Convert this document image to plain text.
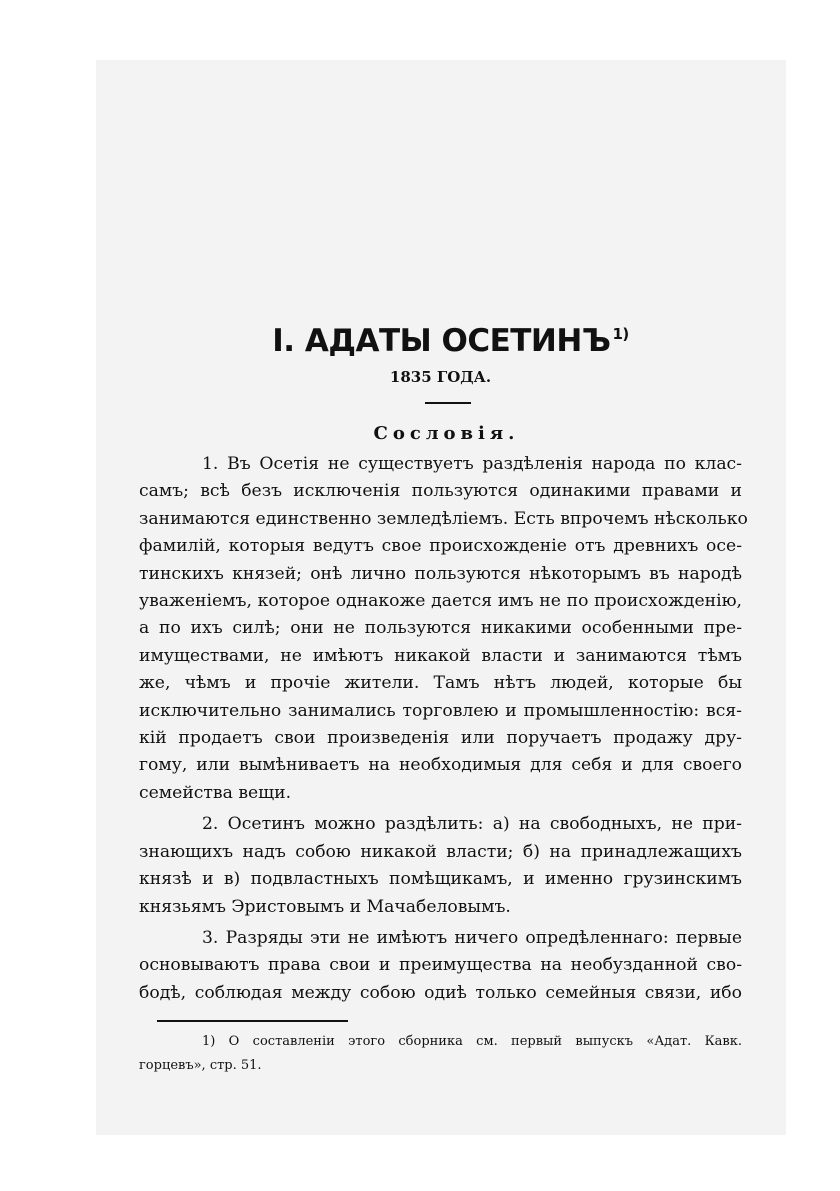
I. АДАТЫ ОСЕТИНЪ $^{1)}$
1835 ГОДА.
Сословія.

1. Въ Осетія не существуетъ раздѣленія народа по клас-
самъ; всѣ безъ исключенія пользуются одинакими правами и
занимаются единственно земледѣліемъ. Есть впрочемъ нѣсколько
фамилій, которыя ведутъ свое происхожденіе отъ древнихъ осе-
тинскихъ князей; онѣ лично пользуются нѣкоторымъ въ народѣ
уваженіемъ, которое однакоже дается имъ не по происхожденію,
а по ихъ силѣ; они не пользуются никакими особенными пре-
имуществами, не имѣютъ никакой власти и занимаются тѣмъ
же, чѣмъ и прочіе жители. Тамъ нѣтъ людей, которые бы
исключительно занимались торговлею и промышленностію: вся-
кій продаетъ свои произведенія или поручаетъ продажу дру-
гому, или вымѣниваетъ на необходимыя для себя и для своего
семейства вещи.

2. Осетинъ можно раздѣлить: а) на свободныхъ, не при-
знающихъ надъ собою никакой власти; б) на принадлежащихъ
князѣ и в) подвластныхъ помѣщикамъ, и именно грузинскимъ
князьямъ Эристовымъ и Мачабеловымъ.

3. Разряды эти не имѣютъ ничего опредѣленнаго: первые
основываютъ права свои и преимущества на необузданной сво-
бодѣ, соблюдая между собою одиѣ только семейныя связи, ибо

1) О составленіи этого сборника см. первый выпускъ «Адат. Кавк.
горцевъ», стр. 51.
